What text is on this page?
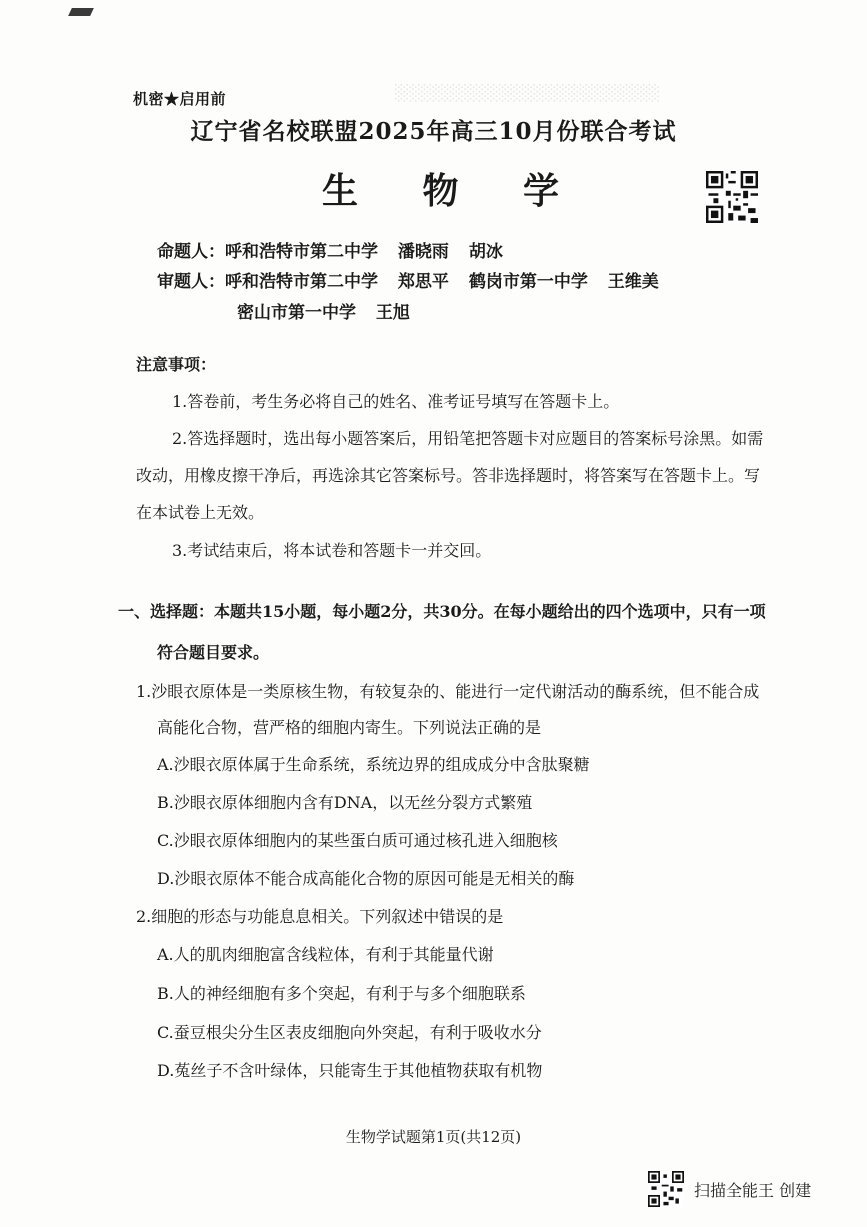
░░░░░░░░░░░░░░░░░░░░░░░
机密★启用前
辽宁省名校联盟2025年高三10月份联合考试
生 物 学
命题人：呼和浩特市第二中学 潘晓雨 胡冰
审题人：呼和浩特市第二中学 郑思平 鹤岗市第一中学 王维美
密山市第一中学 王旭
注意事项：
1.答卷前，考生务必将自己的姓名、准考证号填写在答题卡上。
2.答选择题时，选出每小题答案后，用铅笔把答题卡对应题目的答案标号涂黑。如需
改动，用橡皮擦干净后，再选涂其它答案标号。答非选择题时，将答案写在答题卡上。写
在本试卷上无效。
3.考试结束后，将本试卷和答题卡一并交回。
一、选择题：本题共15小题，每小题2分，共30分。在每小题给出的四个选项中，只有一项
符合题目要求。
1.沙眼衣原体是一类原核生物，有较复杂的、能进行一定代谢活动的酶系统，但不能合成
高能化合物，营严格的细胞内寄生。下列说法正确的是
A.沙眼衣原体属于生命系统，系统边界的组成成分中含肽聚糖
B.沙眼衣原体细胞内含有DNA，以无丝分裂方式繁殖
C.沙眼衣原体细胞内的某些蛋白质可通过核孔进入细胞核
D.沙眼衣原体不能合成高能化合物的原因可能是无相关的酶
2.细胞的形态与功能息息相关。下列叙述中错误的是
A.人的肌肉细胞富含线粒体，有利于其能量代谢
B.人的神经细胞有多个突起，有利于与多个细胞联系
C.蚕豆根尖分生区表皮细胞向外突起，有利于吸收水分
D.菟丝子不含叶绿体，只能寄生于其他植物获取有机物
生物学试题第1页(共12页)
扫描全能王 创建
